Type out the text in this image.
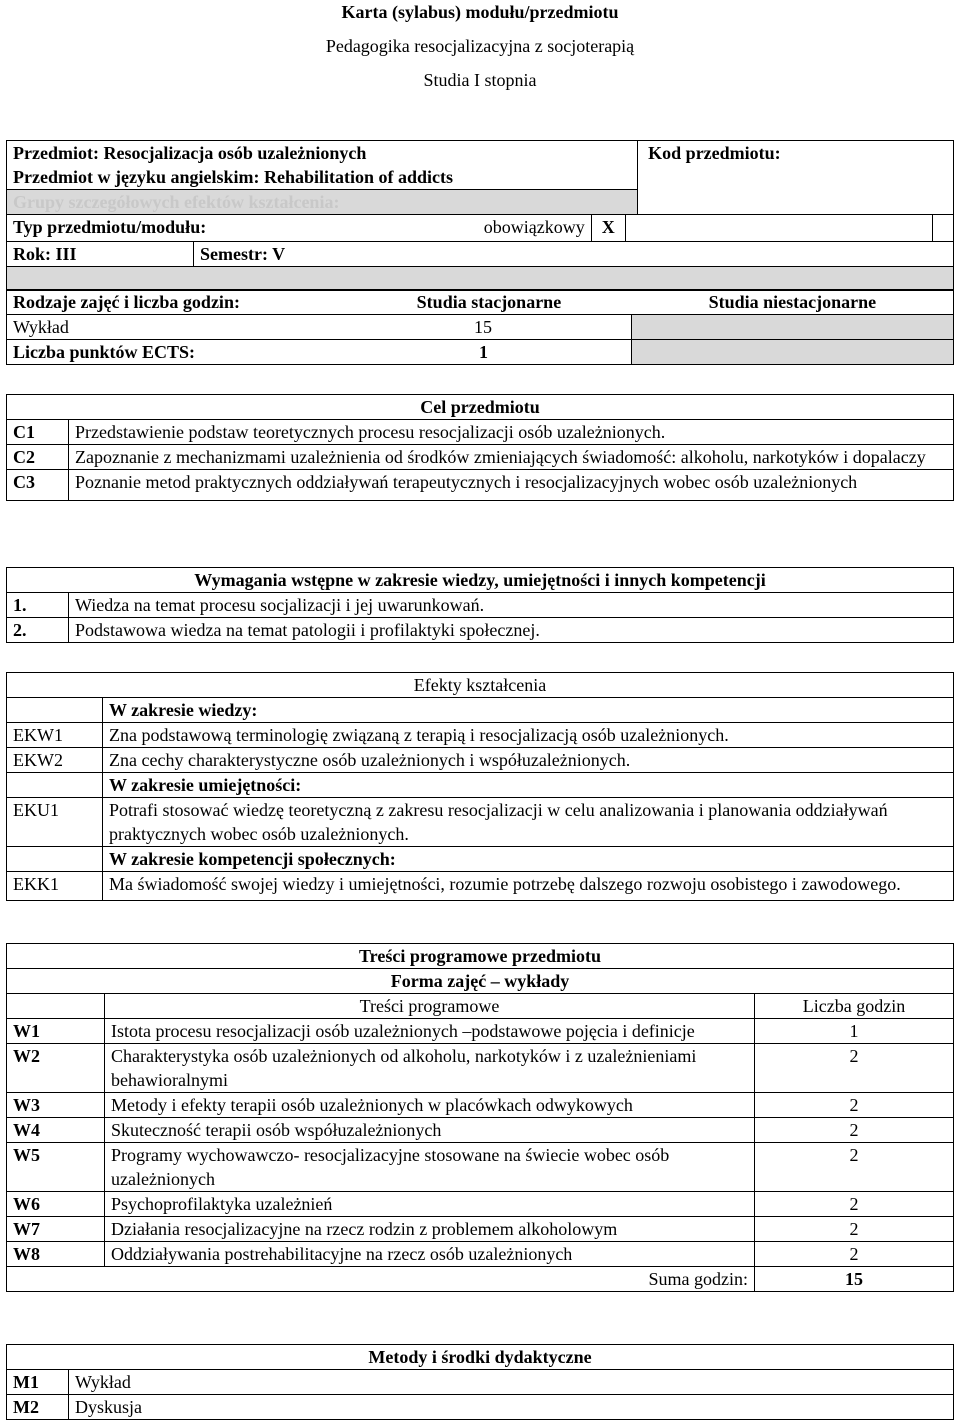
Karta (sylabus) modułu/przedmiotu
Pedagogika resocjalizacyjna z socjoterapią
Studia I stopnia
Przedmiot: Resocjalizacja osób uzależnionych					Kod przedmiotu:
Przedmiot w języku angielskim: Rehabilitation of addicts					
Grupy szczegółowych efektów kształcenia:					
Typ przedmiotu/modułu:		obowiązkowy	X		

Rok: III	Semestr: V				

Rodzaje zajęć i liczba godzin:	Studia stacjonarne	Studia niestacjonarne
Wykład	15	
Liczba punktów ECTS:	1	
Cel przedmiotu	
C1	Przedstawienie podstaw teoretycznych procesu resocjalizacji osób uzależnionych.
C2	Zapoznanie z mechanizmami uzależnienia od środków zmieniających świadomość: alkoholu, narkotyków i dopalaczy
C3	Poznanie metod praktycznych oddziaływań terapeutycznych i resocjalizacyjnych wobec osób uzależnionych
Wymagania wstępne w zakresie wiedzy, umiejętności i innych kompetencji	
1.	Wiedza na temat procesu socjalizacji i jej uwarunkowań.
2.	Podstawowa wiedza na temat patologii i profilaktyki społecznej.
Efekty kształcenia	
	W zakresie wiedzy:
EKW1	Zna podstawową terminologię związaną z terapią i resocjalizacją osób uzależnionych.
EKW2	Zna cechy charakterystyczne osób uzależnionych i współuzależnionych.
	W zakresie umiejętności:
EKU1	Potrafi stosować wiedzę teoretyczną z zakresu resocjalizacji w celu analizowania i planowania oddziaływań praktycznych wobec osób uzależnionych.
	W zakresie kompetencji społecznych:
EKK1	Ma świadomość swojej wiedzy i umiejętności, rozumie potrzebę dalszego rozwoju osobistego i zawodowego.
Treści programowe przedmiotu		
Forma zajęć – wykłady		
	Treści programowe	Liczba godzin
W1	Istota procesu resocjalizacji osób uzależnionych –podstawowe pojęcia i definicje	1
W2	Charakterystyka osób uzależnionych od alkoholu, narkotyków i z uzależnieniami behawioralnymi	2
W3	Metody i efekty terapii osób uzależnionych w placówkach odwykowych	2
W4	Skuteczność terapii osób współuzależnionych	2
W5	Programy wychowawczo- resocjalizacyjne stosowane na świecie wobec osób uzależnionych	2
W6	Psychoprofilaktyka uzależnień	2
W7	Działania resocjalizacyjne na rzecz rodzin z problemem alkoholowym	2
W8	Oddziaływania postrehabilitacyjne na rzecz osób uzależnionych	2
	Suma godzin:	15
Metody i środki dydaktyczne	
M1	Wykład
M2	Dyskusja
